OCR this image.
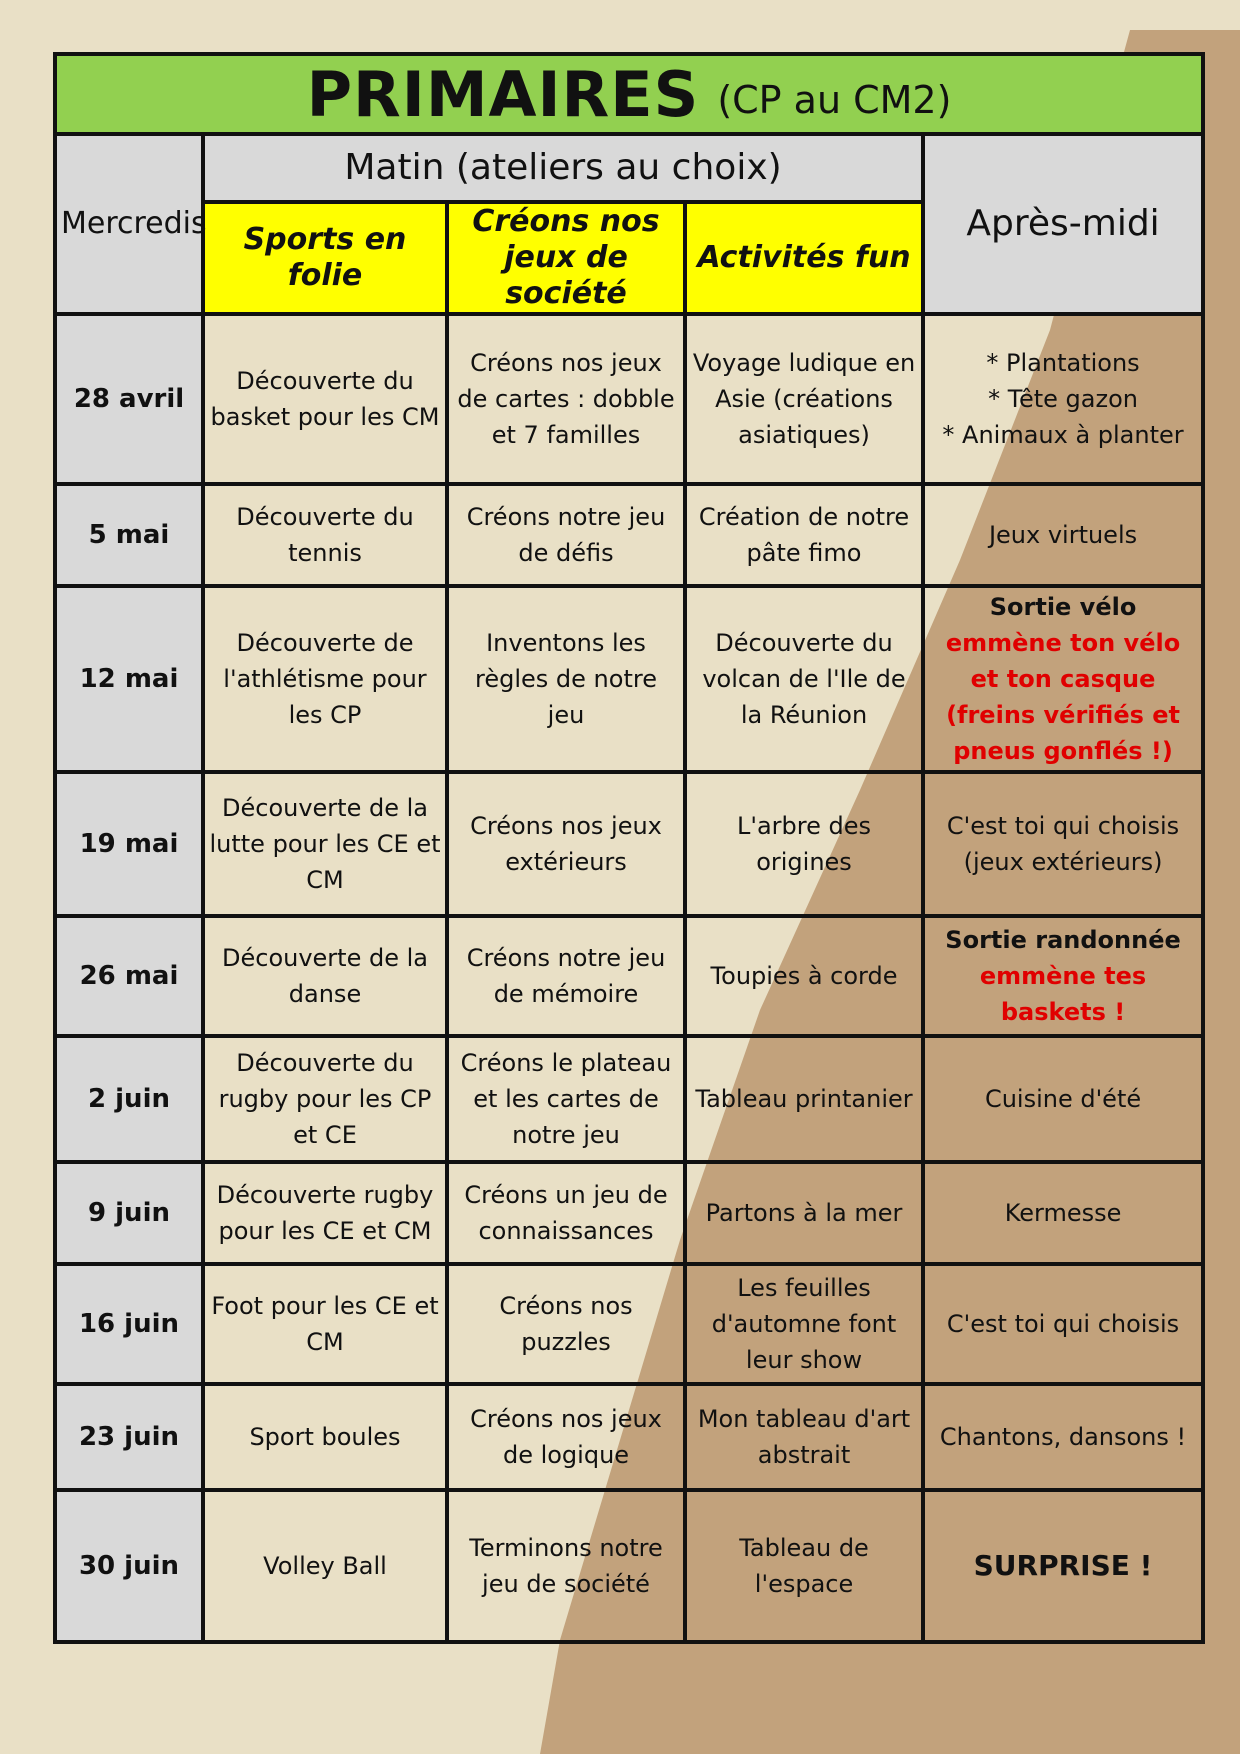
PRIMAIRES (CP au CM2)
Mercredis	Matin (ateliers au choix)			Après-midi
	Sports en folie	Créons nos jeux de société	Activités fun	
28 avril	Découverte du basket pour les CM	Créons nos jeux de cartes : dobble et 7 familles	Voyage ludique en Asie (créations asiatiques)	* Plantations
* Tête gazon
* Animaux à planter

5 mai	Découverte du tennis	Créons notre jeu de défis	Création de notre pâte fimo	Jeux virtuels
12 mai	Découverte de l'athlétisme pour les CP	Inventons les règles de notre jeu	Découverte du volcan de l'Ile de la Réunion	Sortie vélo
emmène ton vélo et ton casque (freins vérifiés et pneus gonflés !)

19 mai	Découverte de la lutte pour les CE et CM	Créons nos jeux extérieurs	L'arbre des origines	C'est toi qui choisis (jeux extérieurs)
26 mai	Découverte de la danse	Créons notre jeu de mémoire	Toupies à corde	Sortie randonnée
emmène tes baskets !

2 juin	Découverte du rugby pour les CP et CE	Créons le plateau et les cartes de notre jeu	Tableau printanier	Cuisine d'été
9 juin	Découverte rugby pour les CE et CM	Créons un jeu de connaissances	Partons à la mer	Kermesse
16 juin	Foot pour les CE et CM	Créons nos puzzles	Les feuilles d'automne font leur show	C'est toi qui choisis
23 juin	Sport boules	Créons nos jeux de logique	Mon tableau d'art abstrait	Chantons, dansons !
30 juin	Volley Ball	Terminons notre jeu de société	Tableau de l'espace	SURPRISE !
